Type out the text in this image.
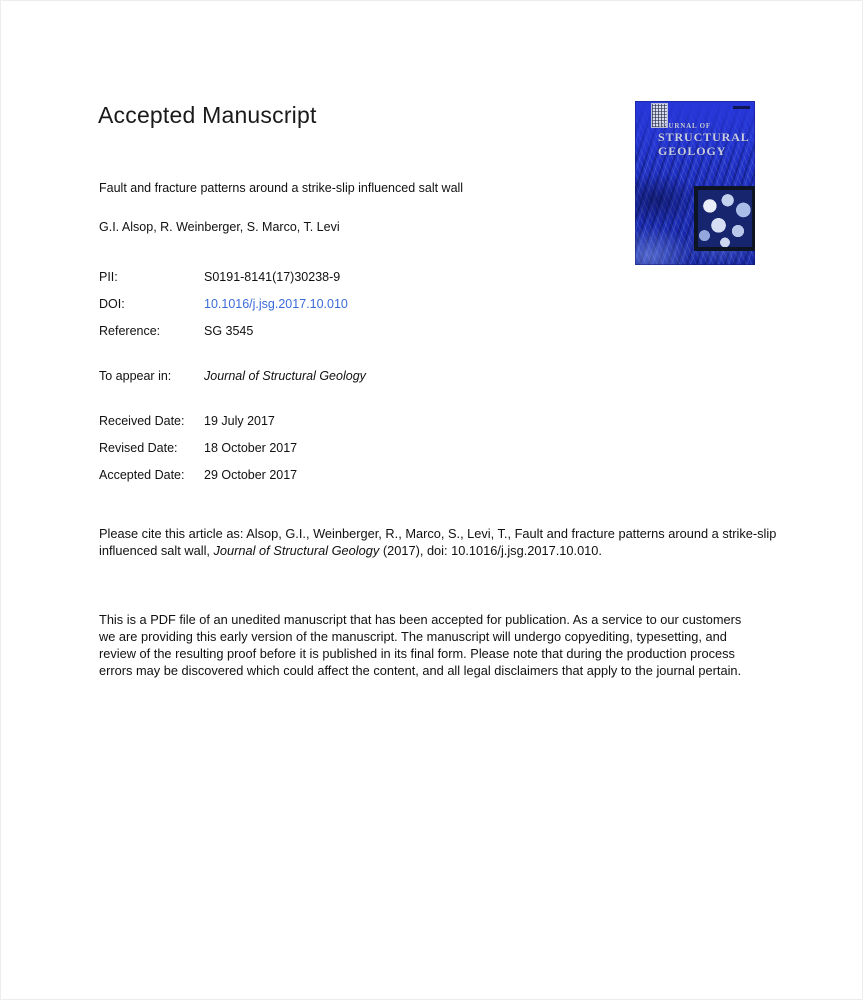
Accepted Manuscript	JOURNAL OF
STRUCTURAL
GEOLOGY
Fault and fracture patterns around a strike-slip influenced salt wall
G.I. Alsop, R. Weinberger, S. Marco, T. Levi
PII:	S0191-8141(17)30238-9
DOI:	10.1016/j.jsg.2017.10.010
Reference:	SG 3545
To appear in:	Journal of Structural Geology
Received Date: 19 July 2017
Revised Date: 18 October 2017
Accepted Date: 29 October 2017

Please cite this article as: Alsop, G.I., Weinberger, R., Marco, S., Levi, T., Fault and fracture patterns around a strike-slip influenced salt wall, Journal of Structural Geology (2017), doi: 10.1016/j.jsg.2017.10.010.

This is a PDF file of an unedited manuscript that has been accepted for publication. As a service to our customers we are providing this early version of the manuscript. The manuscript will undergo copyediting, typesetting, and review of the resulting proof before it is published in its final form. Please note that during the production process errors may be discovered which could affect the content, and all legal disclaimers that apply to the journal pertain.
